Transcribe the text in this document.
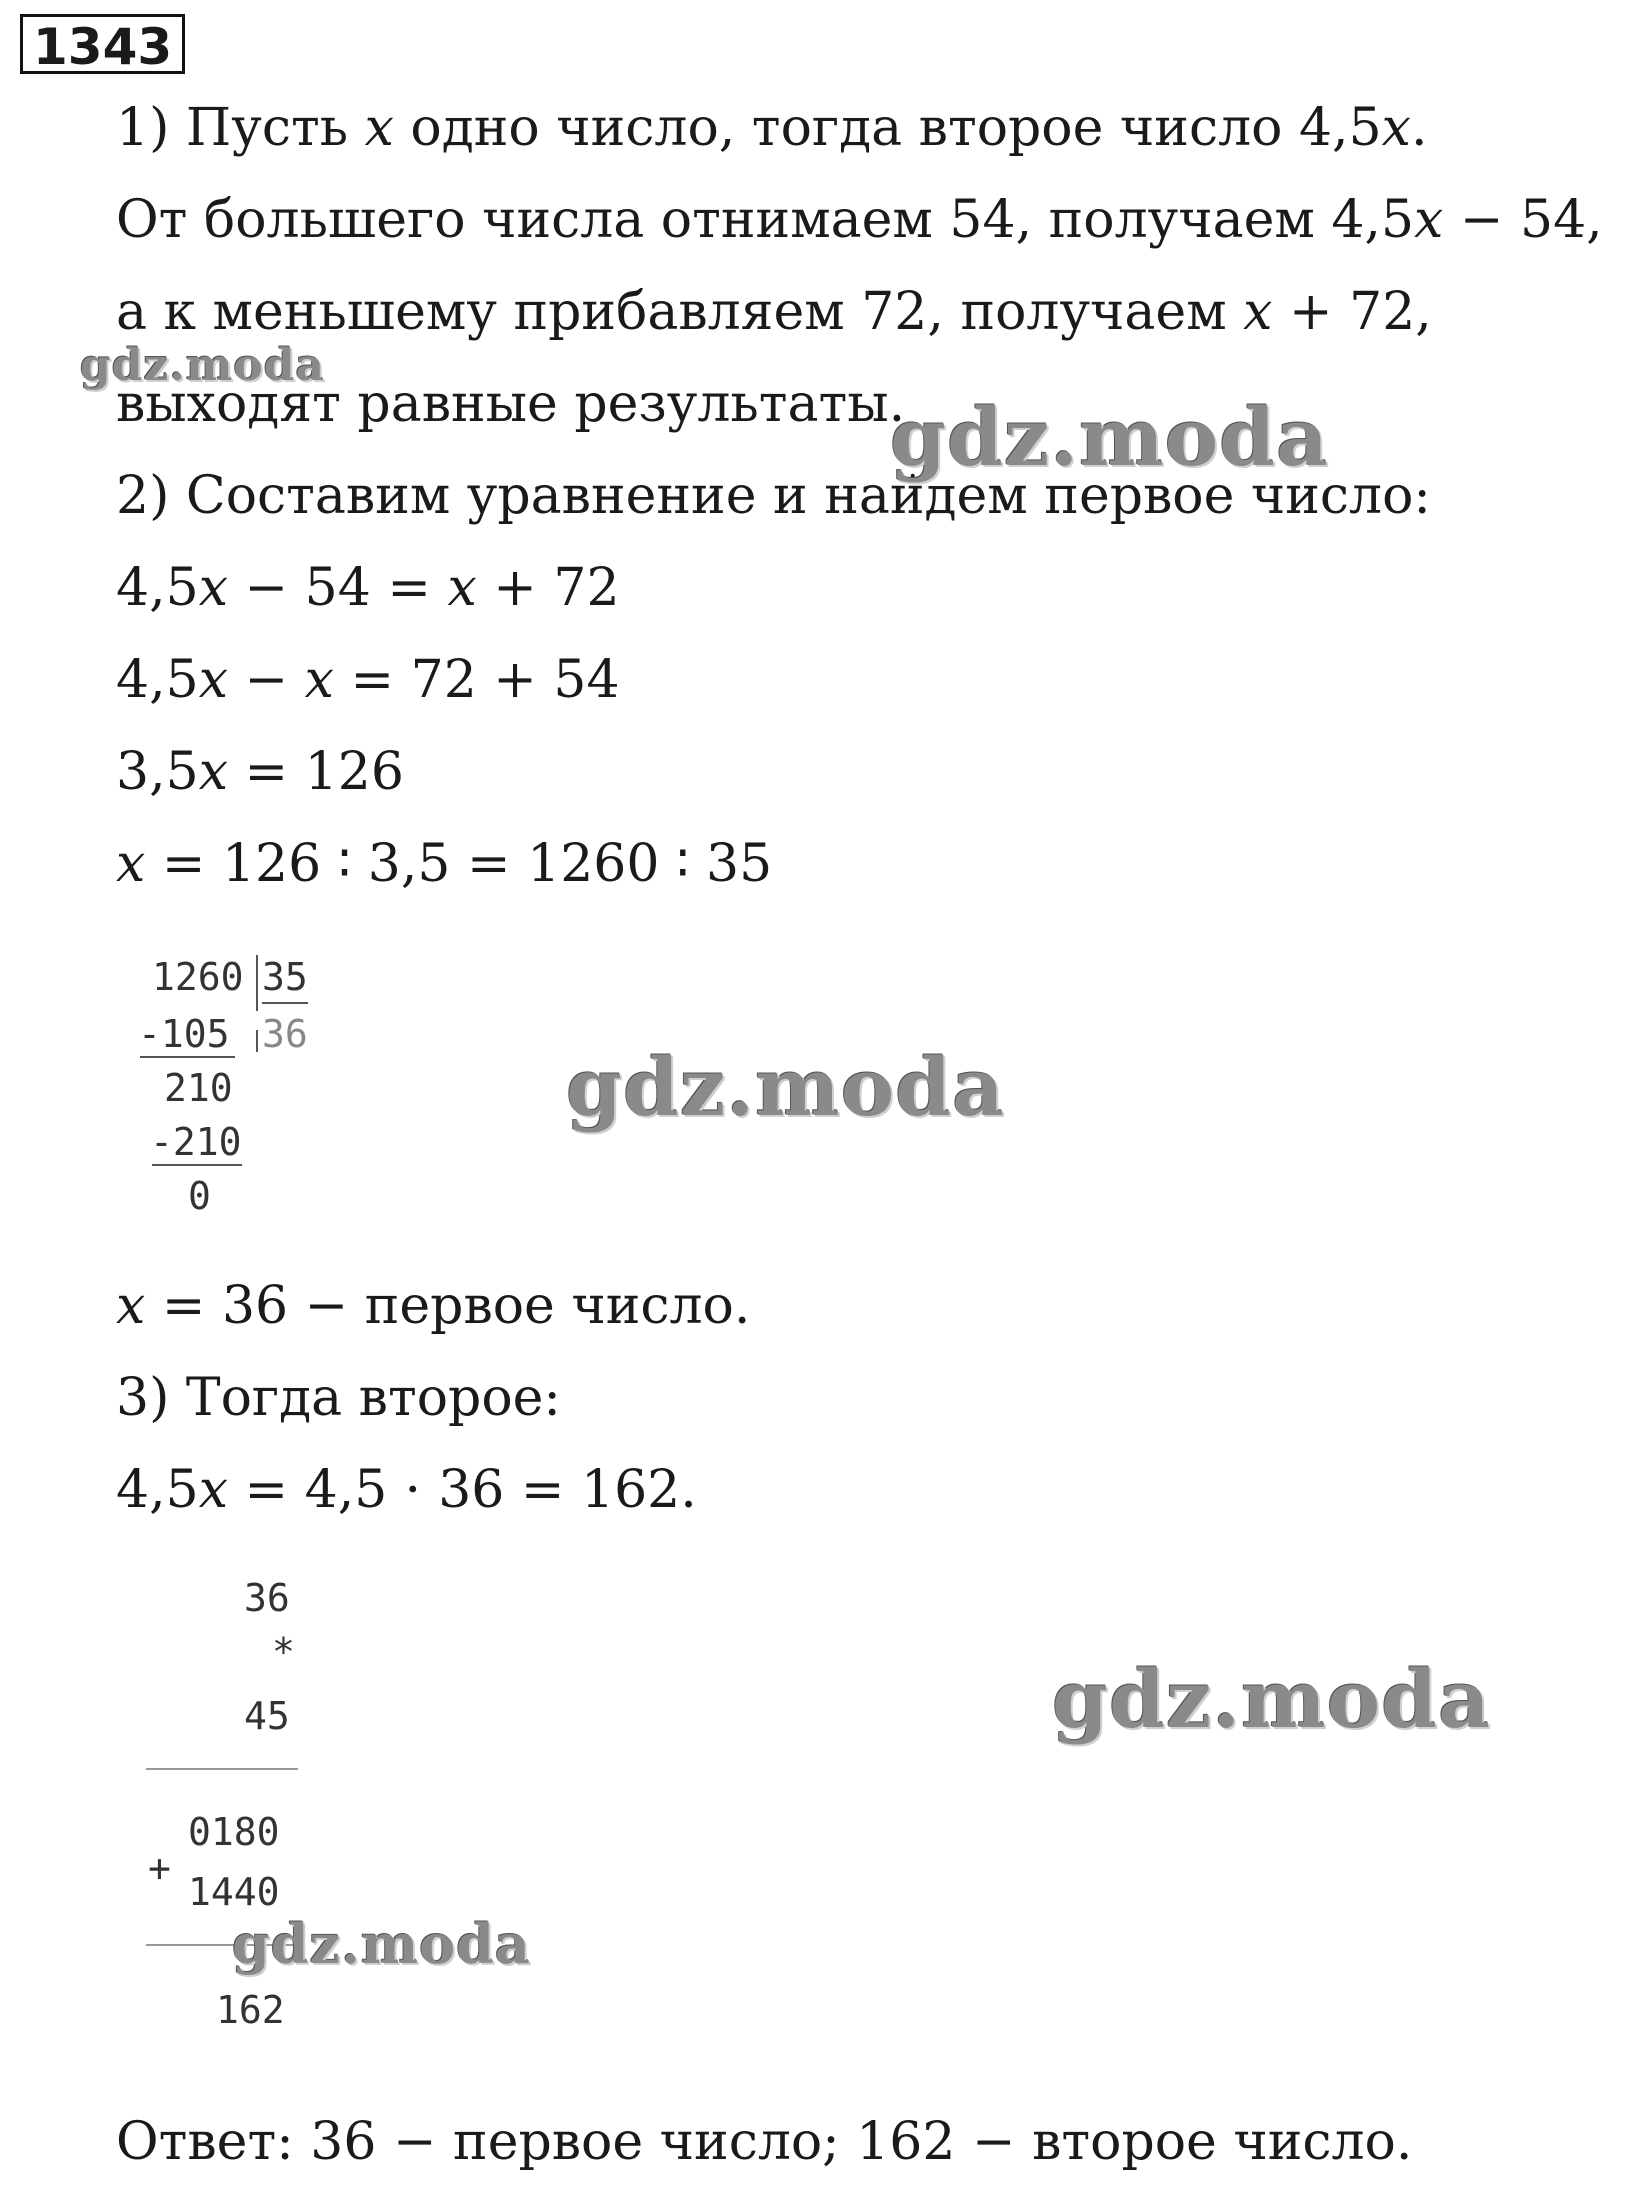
1343
1) Пусть 𝑥 одно число, тогда второе число 4,5𝑥.
От большего числа отнимаем 54, получаем 4,5𝑥 − 54,
а к меньшему прибавляем 72, получаем 𝑥 + 72,
выходят равные результаты.
2) Составим уравнение и найдем первое число:
4,5𝑥 − 54 = 𝑥 + 72
4,5𝑥 − 𝑥 = 72 + 54
3,5𝑥 = 126
𝑥 = 126 ∶ 3,5 = 1260 ∶ 35
1260 35
36
-105
210
-210
0
𝑥 = 36 − первое число.
3) Тогда второе:
4,5𝑥 = 4,5 ⋅ 36 = 162.
36
*
45
0180
+
1440
162
Ответ: 36 − первое число; 162 − второе число.
gdz.moda
gdz.moda
gdz.moda
gdz.moda
gdz.moda
